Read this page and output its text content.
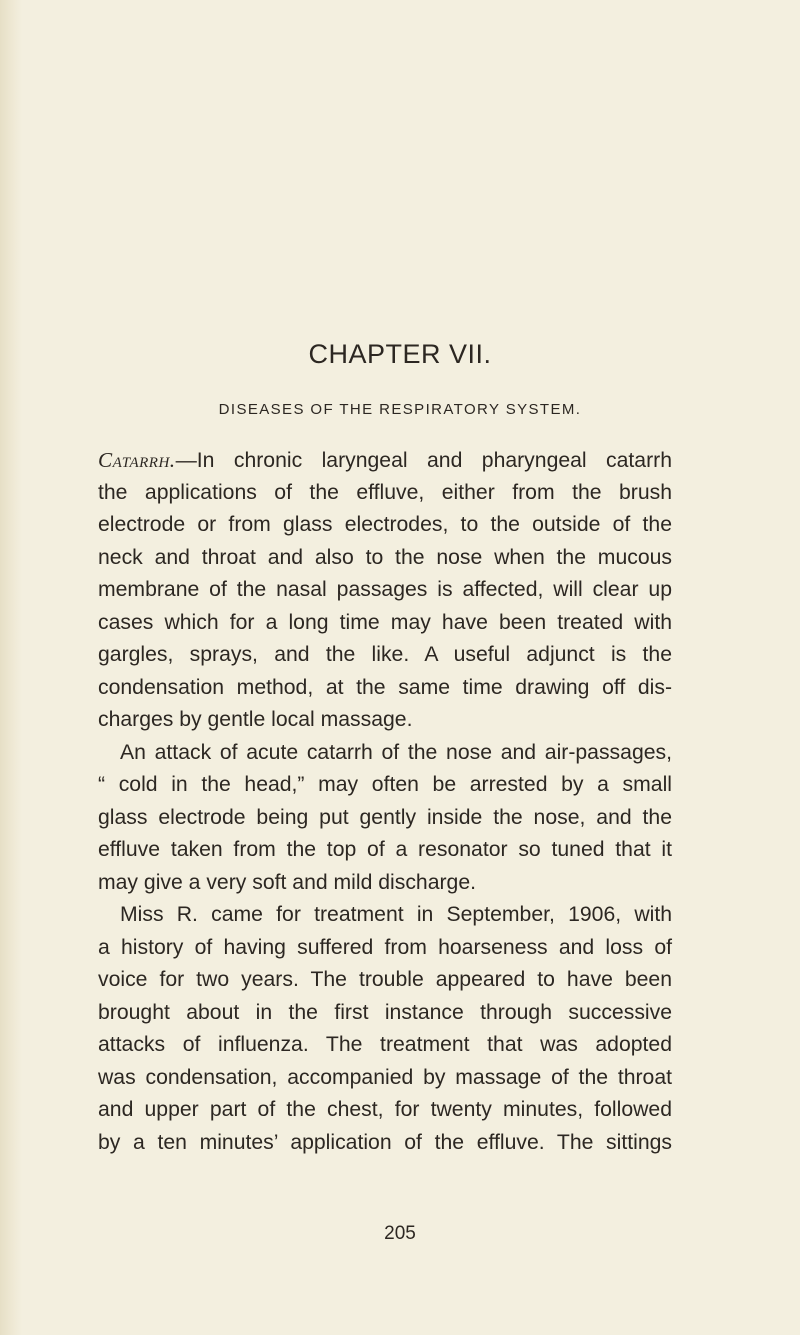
CHAPTER VII.
DISEASES OF THE RESPIRATORY SYSTEM.
Catarrh.—In chronic laryngeal and pharyngeal catarrh
the applications of the effluve, either from the brush
electrode or from glass electrodes, to the outside of the
neck and throat and also to the nose when the mucous
membrane of the nasal passages is affected, will clear up
cases which for a long time may have been treated with
gargles, sprays, and the like. A useful adjunct is the
condensation method, at the same time drawing off dis-
charges by gentle local massage.
An attack of acute catarrh of the nose and air-passages,
“ cold in the head,” may often be arrested by a small
glass electrode being put gently inside the nose, and the
effluve taken from the top of a resonator so tuned that it
may give a very soft and mild discharge.
Miss R. came for treatment in September, 1906, with
a history of having suffered from hoarseness and loss of
voice for two years. The trouble appeared to have been
brought about in the first instance through successive
attacks of influenza. The treatment that was adopted
was condensation, accompanied by massage of the throat
and upper part of the chest, for twenty minutes, followed
by a ten minutes’ application of the effluve. The sittings
205
